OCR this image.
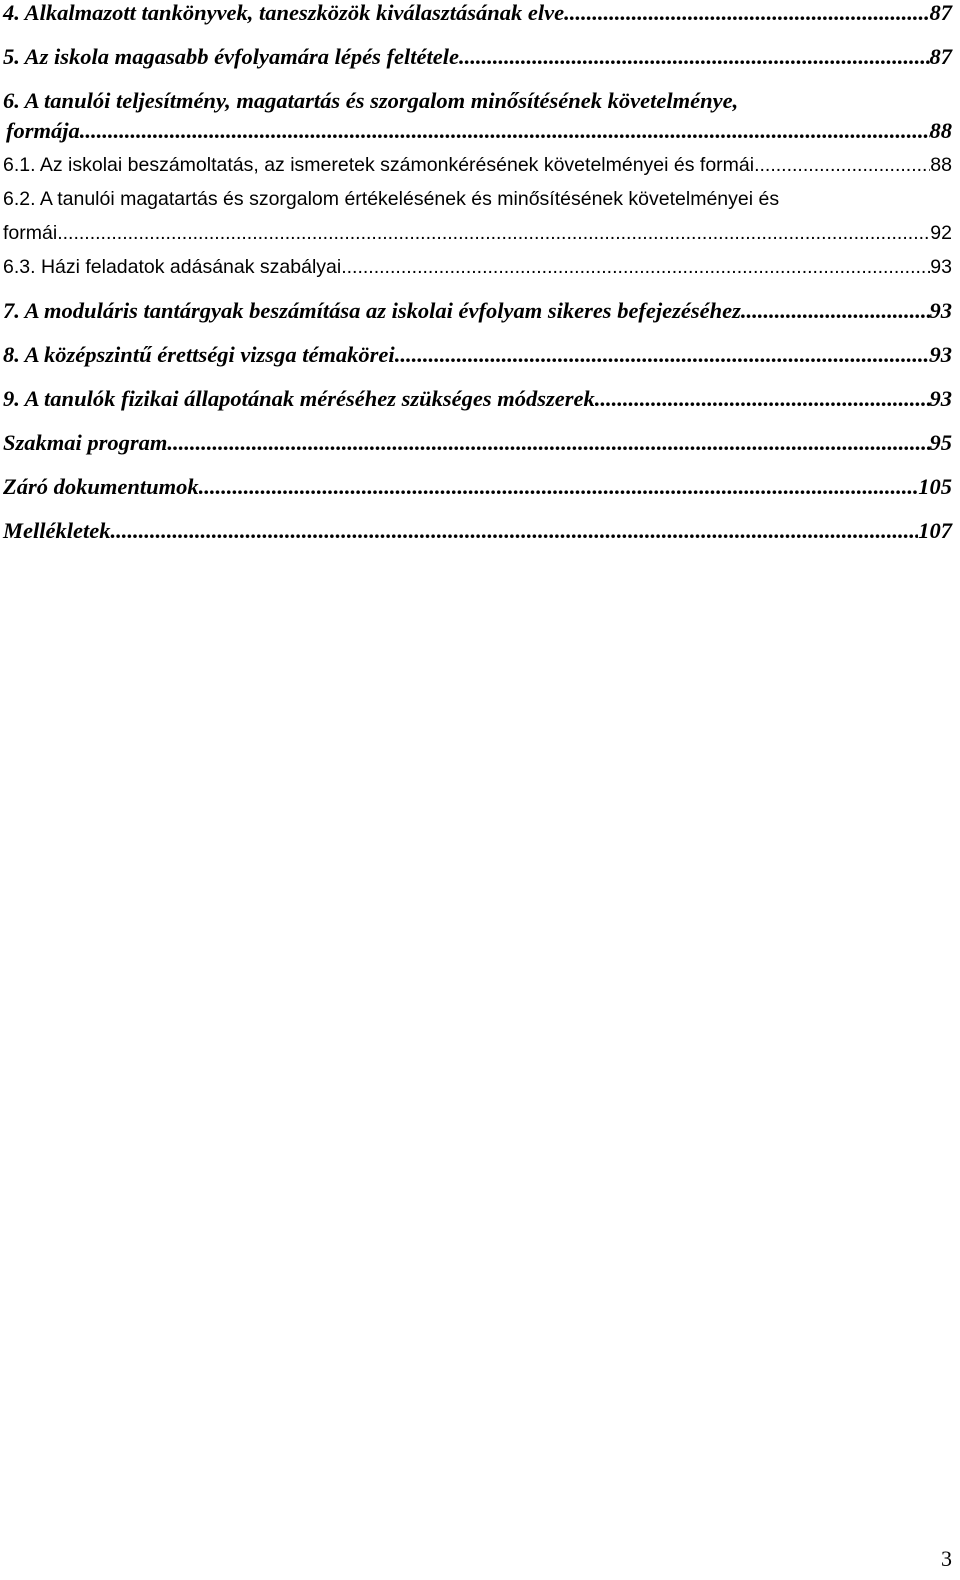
4. Alkalmazott tankönyvek, taneszközök kiválasztásának elve .....	87
5. Az iskola magasabb évfolyamára lépés feltétele .....	87
6. A tanulói teljesítmény, magatartás és szorgalom minősítésének követelménye,
formája .....	88
6.1. Az iskolai beszámoltatás, az ismeretek számonkérésének követelményei és formái .....	88
6.2. A tanulói magatartás és szorgalom értékelésének és minősítésének követelményei és
formái .....	92
6.3. Házi feladatok adásának szabályai .....	93
7. A moduláris tantárgyak beszámítása az iskolai évfolyam sikeres befejezéséhez .....	93
8. A középszintű érettségi vizsga témakörei .....	93
9. A tanulók fizikai állapotának méréséhez szükséges módszerek .....	93
Szakmai program .....	95
Záró dokumentumok .....	105
Mellékletek .....	107
3
